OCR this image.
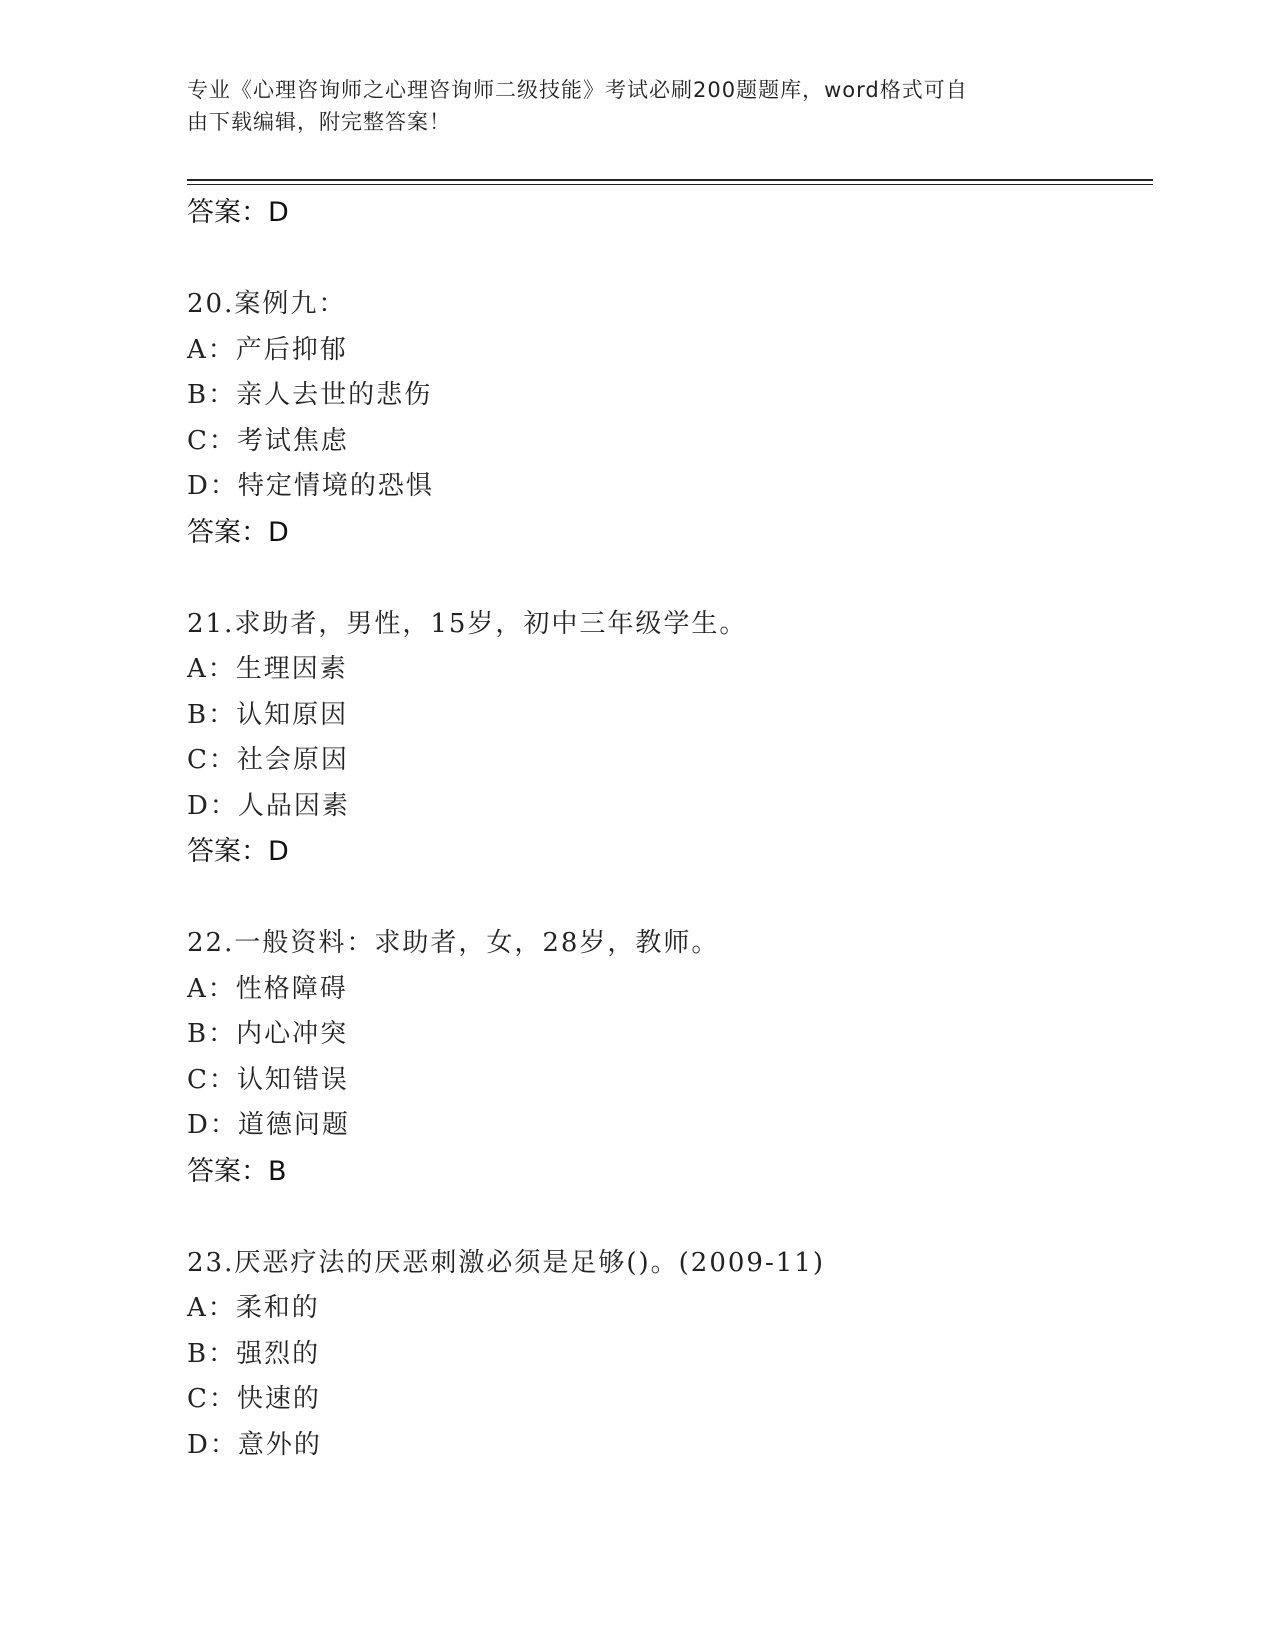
专业《心理咨询师之心理咨询师二级技能》考试必刷200题题库，word格式可自
由下载编辑，附完整答案！
答案：D
20.案例九：
A：产后抑郁
B：亲人去世的悲伤
C：考试焦虑
D：特定情境的恐惧
答案：D
21.求助者，男性，15岁，初中三年级学生。
A：生理因素
B：认知原因
C：社会原因
D：人品因素
答案：D
22.一般资料：求助者，女，28岁，教师。
A：性格障碍
B：内心冲突
C：认知错误
D：道德问题
答案：B
23.厌恶疗法的厌恶刺激必须是足够()。(2009-11)
A：柔和的
B：强烈的
C：快速的
D：意外的
